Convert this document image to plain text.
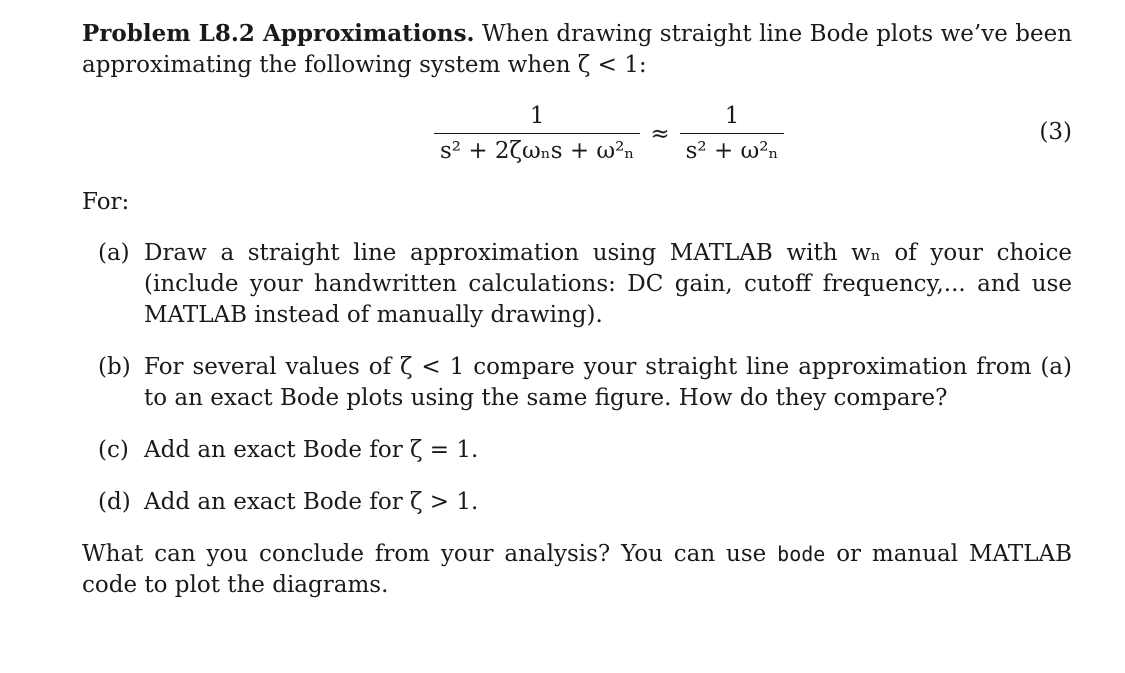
Problem L8.2 Approximations. When drawing straight line Bode plots we’ve been approximating the following system when ζ < 1:

$\frac{1}{\text{s² + 2ζωₙs + ω²ₙ}} \approx \frac{1}{\text{s² + ω²ₙ}}$	(3)
For:
(a) Draw a straight line approximation using MATLAB with wₙ of your choice (include your handwritten calculations: DC gain, cutoff frequency,... and use MATLAB instead of manually drawing).
(b) For several values of ζ < 1 compare your straight line approximation from (a) to an exact Bode plots using the same figure. How do they compare?
(c) Add an exact Bode for ζ = 1.
(d) Add an exact Bode for ζ > 1.

What can you conclude from your analysis? You can use bode or manual MATLAB code to plot the diagrams.
